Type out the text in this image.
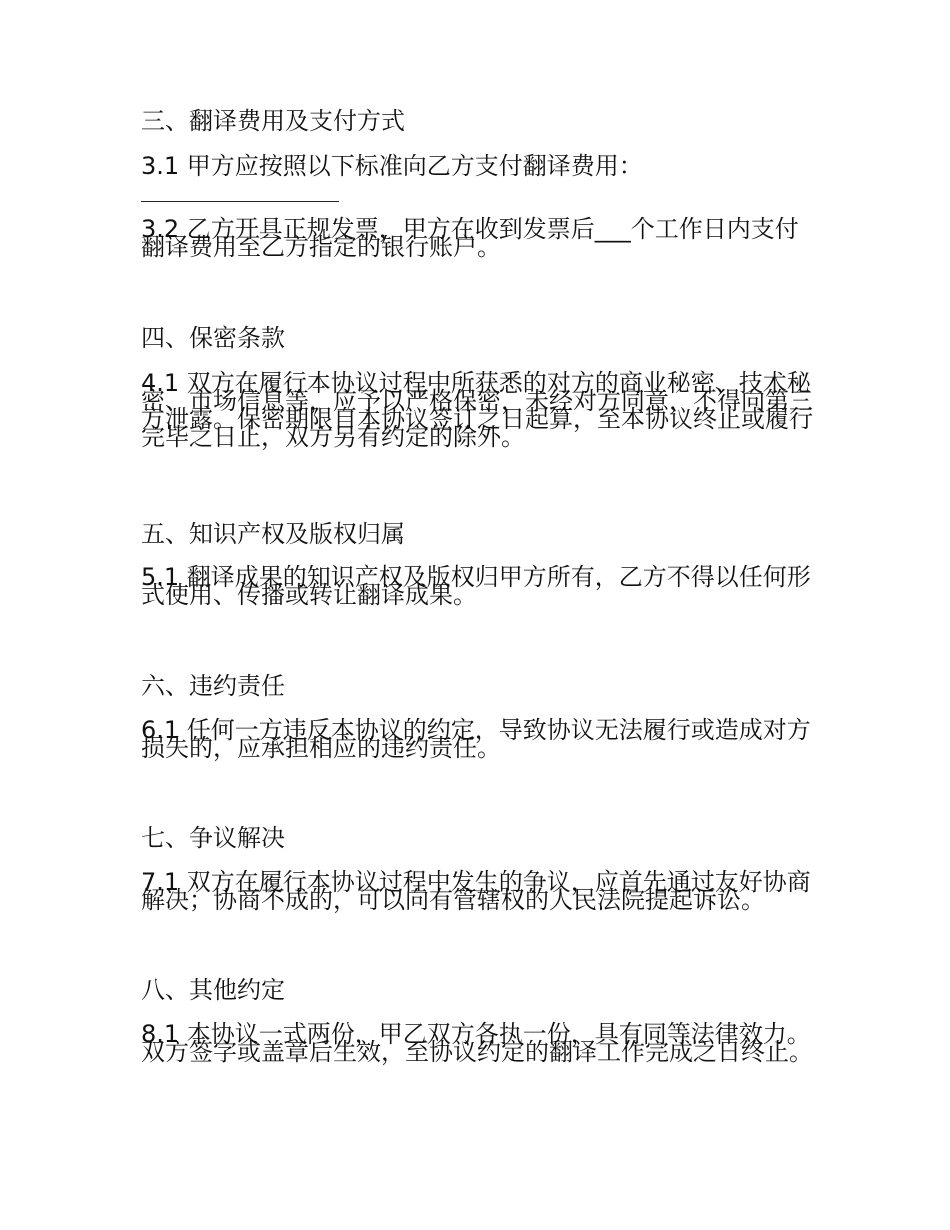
三、翻译费用及支付方式

3.1 甲方应按照以下标准向乙方支付翻译费用：

3.2 乙方开具正规发票，甲方在收到发票后___个工作日内支付翻译费用至乙方指定的银行账户。

四、保密条款

4.1 双方在履行本协议过程中所获悉的对方的商业秘密、技术秘密、市场信息等，应予以严格保密，未经对方同意，不得向第三方泄露。保密期限自本协议签订之日起算，至本协议终止或履行完毕之日止，双方另有约定的除外。

五、知识产权及版权归属

5.1 翻译成果的知识产权及版权归甲方所有，乙方不得以任何形式使用、传播或转让翻译成果。

六、违约责任

6.1 任何一方违反本协议的约定，导致协议无法履行或造成对方损失的，应承担相应的违约责任。

七、争议解决

7.1 双方在履行本协议过程中发生的争议，应首先通过友好协商解决；协商不成的，可以向有管辖权的人民法院提起诉讼。

八、其他约定

8.1 本协议一式两份，甲乙双方各执一份，具有同等法律效力。双方签字或盖章后生效，至协议约定的翻译工作完成之日终止。
